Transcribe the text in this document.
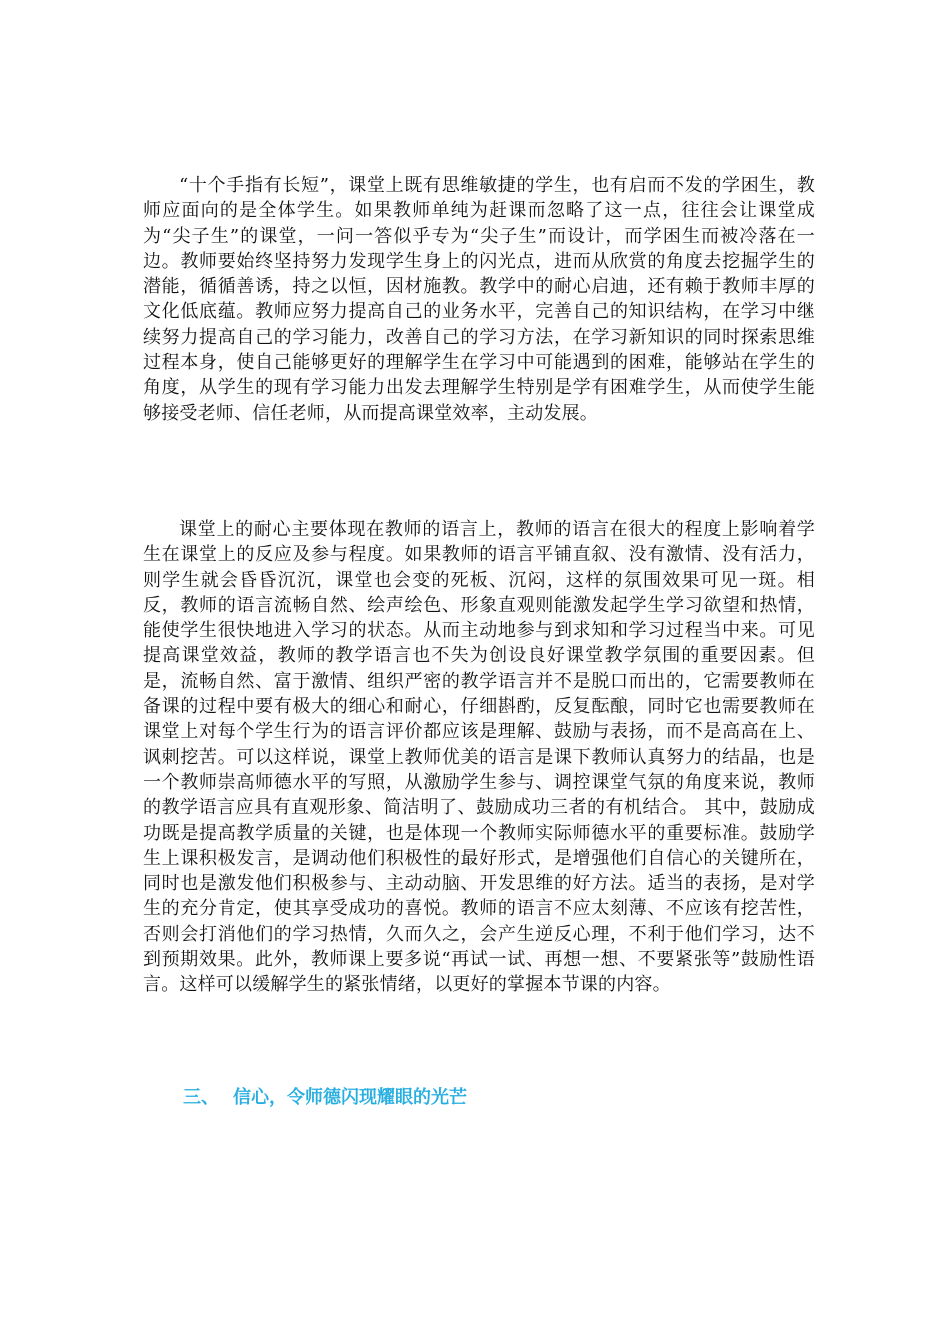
“十个手指有长短”，课堂上既有思维敏捷的学生，也有启而不发的学困生，教师应面向的是全体学生。如果教师单纯为赶课而忽略了这一点，往往会让课堂成为“尖子生”的课堂，一问一答似乎专为“尖子生”而设计，而学困生而被冷落在一边。教师要始终坚持努力发现学生身上的闪光点，进而从欣赏的角度去挖掘学生的潜能，循循善诱，持之以恒，因材施教。教学中的耐心启迪，还有赖于教师丰厚的文化低底蕴。教师应努力提高自己的业务水平，完善自己的知识结构，在学习中继续努力提高自己的学习能力，改善自己的学习方法，在学习新知识的同时探索思维过程本身，使自己能够更好的理解学生在学习中可能遇到的困难，能够站在学生的角度，从学生的现有学习能力出发去理解学生特别是学有困难学生，从而使学生能够接受老师、信任老师，从而提高课堂效率，主动发展。

课堂上的耐心主要体现在教师的语言上，教师的语言在很大的程度上影响着学生在课堂上的反应及参与程度。如果教师的语言平铺直叙、没有激情、没有活力，则学生就会昏昏沉沉，课堂也会变的死板、沉闷，这样的氛围效果可见一斑。相反，教师的语言流畅自然、绘声绘色、形象直观则能激发起学生学习欲望和热情，能使学生很快地进入学习的状态。从而主动地参与到求知和学习过程当中来。可见提高课堂效益，教师的教学语言也不失为创设良好课堂教学氛围的重要因素。但是，流畅自然、富于激情、组织严密的教学语言并不是脱口而出的，它需要教师在备课的过程中要有极大的细心和耐心，仔细斟酌，反复酝酿，同时它也需要教师在课堂上对每个学生行为的语言评价都应该是理解、鼓励与表扬，而不是高高在上、讽刺挖苦。可以这样说，课堂上教师优美的语言是课下教师认真努力的结晶，也是一个教师崇高师德水平的写照，从激励学生参与、调控课堂气氛的角度来说，教师的教学语言应具有直观形象、简洁明了、鼓励成功三者的有机结合。 其中，鼓励成功既是提高教学质量的关键，也是体现一个教师实际师德水平的重要标准。鼓励学生上课积极发言，是调动他们积极性的最好形式，是增强他们自信心的关键所在，同时也是激发他们积极参与、主动动脑、开发思维的好方法。适当的表扬，是对学生的充分肯定，使其享受成功的喜悦。教师的语言不应太刻薄、不应该有挖苦性，否则会打消他们的学习热情，久而久之，会产生逆反心理，不利于他们学习，达不到预期效果。此外，教师课上要多说“再试一试、再想一想、不要紧张等”鼓励性语言。这样可以缓解学生的紧张情绪，以更好的掌握本节课的内容。

三、 信心，令师德闪现耀眼的光芒
